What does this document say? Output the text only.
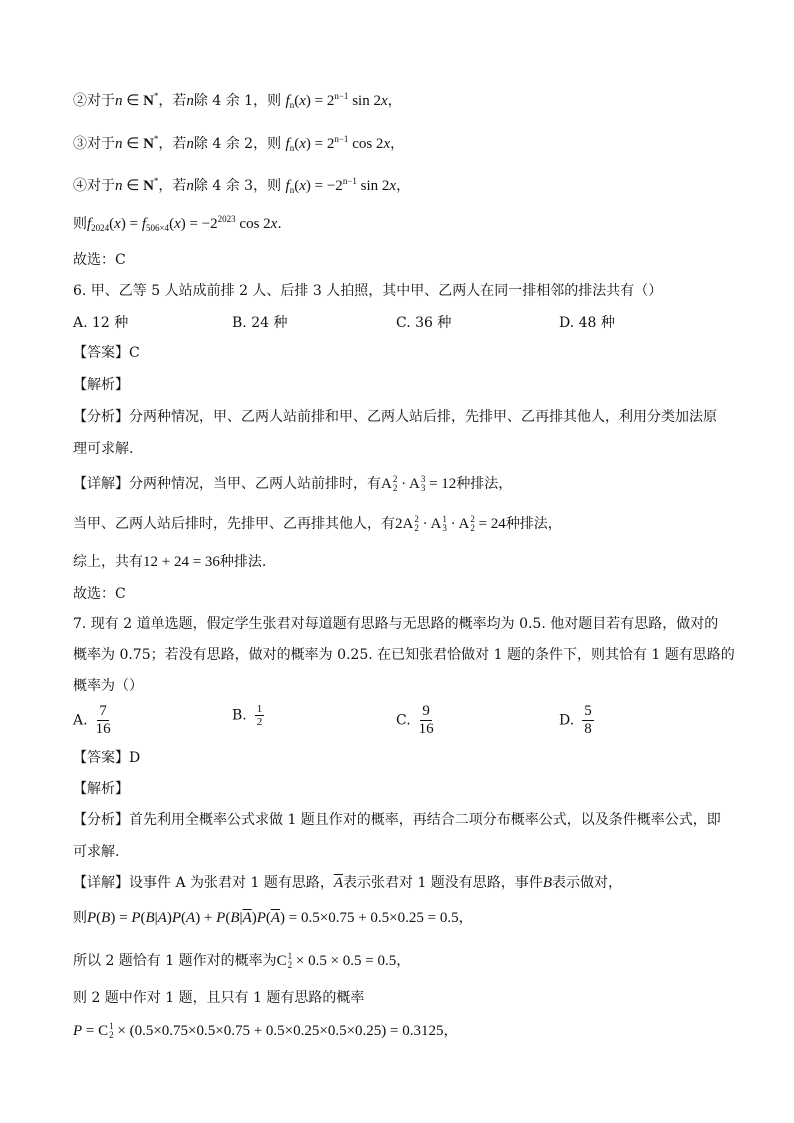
②对于n ∈ N*，若n除 4 余 1，则 $f_n(x) = 2^{n-1}$ sin 2x，
③对于n ∈ N*，若n除 4 余 2，则 $f_n(x) = 2^{n-1}$ cos 2x，
④对于n ∈ N*，若n除 4 余 3，则 $f_n(x) = -2^{n-1}$ sin 2x，
则$f_{2024}(x) = f_{506\times 4}(x) = -2^{2023}$ cos 2x.
故选：C
6. 甲、乙等 5 人站成前排 2 人、后排 3 人拍照，其中甲、乙两人在同一排相邻的排法共有（）
A. 12 种	B. 24 种	C. 36 种	D. 48 种
【答案】C
【解析】
【分析】分两种情况，甲、乙两人站前排和甲、乙两人站后排，先排甲、乙再排其他人，利用分类加法原
理可求解.
【详解】分两种情况，当甲、乙两人站前排时，有A 2
2 · A 3
3 = 12种排法，
当甲、乙两人站后排时，先排甲、乙再排其他人，有2A 2
2 · A 1
3 · A 2
2 = 24种排法，
综上，共有12 + 24 = 36种排法.
故选：C
7. 现有 2 道单选题，假定学生张君对每道题有思路与无思路的概率均为 0.5. 他对题目若有思路，做对的
概率为 0.75；若没有思路，做对的概率为 0.25. 在已知张君恰做对 1 题的条件下，则其恰有 1 题有思路的
概率为（）
A. $\frac{7}{16}$	B. $\frac{1}{2}$	C. $\frac{9}{16}$	D. $\frac{5}{8}$
【答案】D
【解析】
【分析】首先利用全概率公式求做 1 题且作对的概率，再结合二项分布概率公式，以及条件概率公式，即
可求解.
【详解】设事件 A 为张君对 1 题有思路，$\overline{A}$表示张君对 1 题没有思路，事件B表示做对，
则$P(B) = P(B|A)P(A) + P(B|\overline{A})P(\overline{A}) = 0.5\times 0.75 + 0.5\times 0.25 = 0.5$，
所以 2 题恰有 1 题作对的概率为C 1
2 × 0.5 × 0.5 = 0.5，
则 2 题中作对 1 题，且只有 1 题有思路的概率
P = C 1
2 × (0.5×0.75×0.5×0.75 + 0.5×0.25×0.5×0.25) = 0.3125，
